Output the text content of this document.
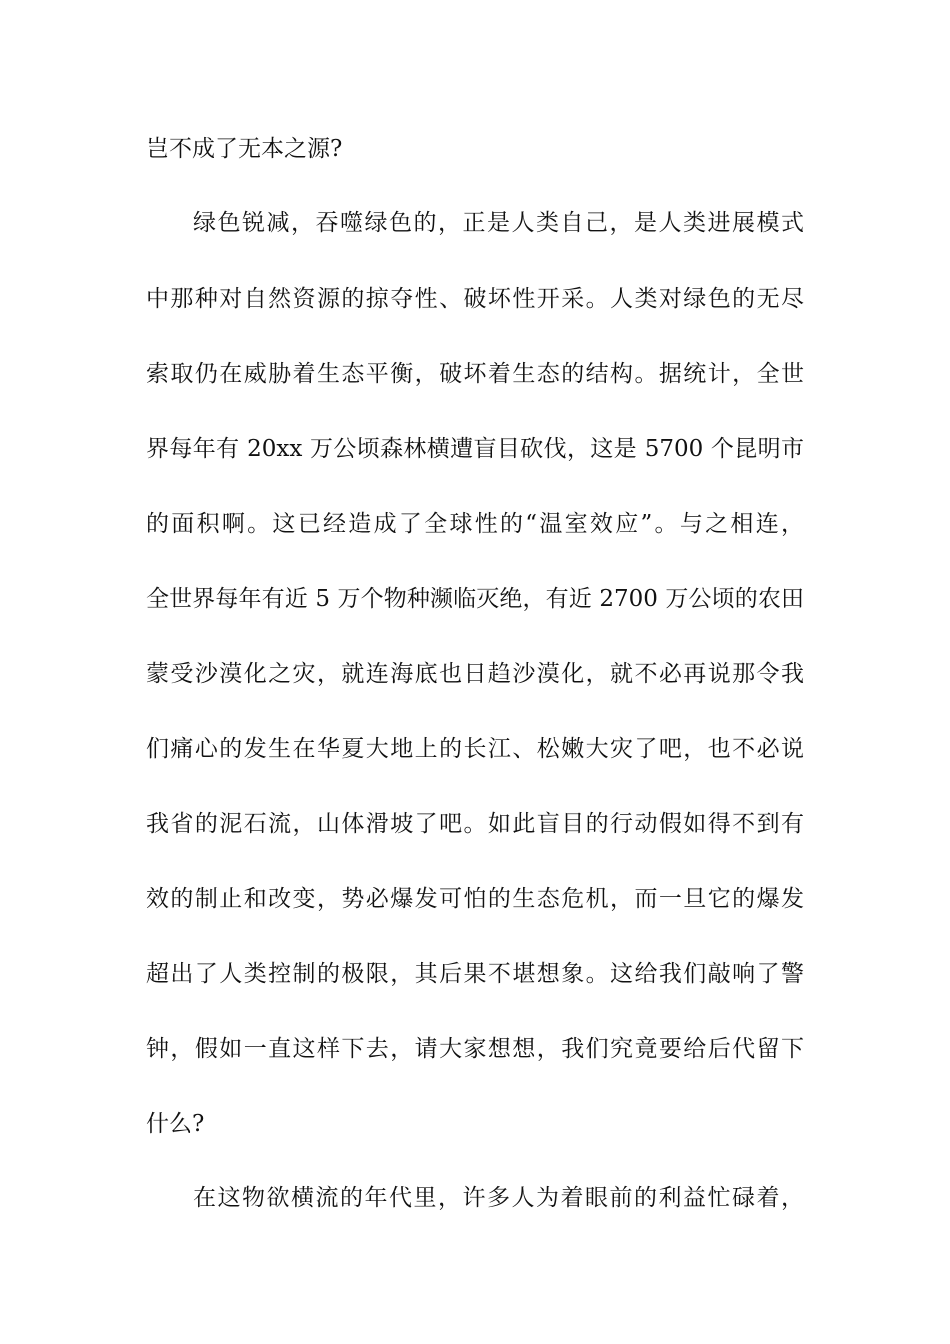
岂不成了无本之源?
绿色锐减，吞噬绿色的，正是人类自己，是人类进展模式
中那种对自然资源的掠夺性、破坏性开采。人类对绿色的无尽
索取仍在威胁着生态平衡，破坏着生态的结构。据统计，全世
界每年有 20xx 万公顷森林横遭盲目砍伐，这是 5700 个昆明市
的面积啊。这已经造成了全球性的“温室效应”。与之相连，
全世界每年有近 5 万个物种濒临灭绝，有近 2700 万公顷的农田
蒙受沙漠化之灾，就连海底也日趋沙漠化，就不必再说那令我
们痛心的发生在华夏大地上的长江、松嫩大灾了吧，也不必说
我省的泥石流，山体滑坡了吧。如此盲目的行动假如得不到有
效的制止和改变，势必爆发可怕的生态危机，而一旦它的爆发
超出了人类控制的极限，其后果不堪想象。这给我们敲响了警
钟，假如一直这样下去，请大家想想，我们究竟要给后代留下
什么?
在这物欲横流的年代里，许多人为着眼前的利益忙碌着，
